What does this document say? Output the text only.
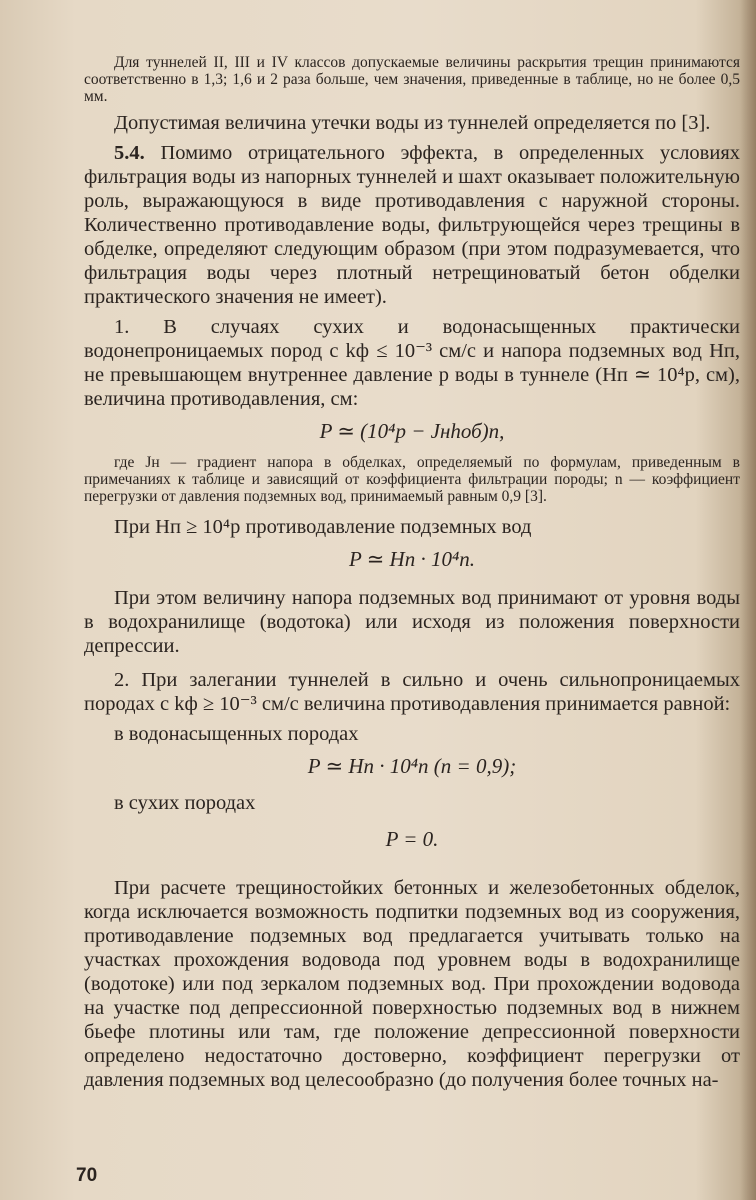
Для туннелей II, III и IV классов допускаемые величины раскрытия трещин принимаются соответственно в 1,3; 1,6 и 2 раза больше, чем значения, приведенные в таблице, но не более 0,5 мм.

Допустимая величина утечки воды из туннелей определяется по [3].

5.4. Помимо отрицательного эффекта, в определенных условиях фильтрация воды из напорных туннелей и шахт оказывает положительную роль, выражающуюся в виде противодавления с наружной стороны. Количественно противодавление воды, фильтрующейся через трещины в обделке, определяют следующим образом (при этом подразумевается, что фильтрация воды через плотный нетрещиноватый бетон обделки практического значения не имеет).

1. В случаях сухих и водонасыщенных практически водонепроницаемых пород с kф ≤ 10⁻³ см/с и напора подземных вод Hп, не превышающем внутреннее давление p воды в туннеле (Hп ≃ 10⁴p, см), величина противодавления, см:

P ≃ (10⁴p − Jнhоб)n,

где Jн — градиент напора в обделках, определяемый по формулам, приведенным в примечаниях к таблице и зависящий от коэффициента фильтрации породы; n — коэффициент перегрузки от давления подземных вод, принимаемый равным 0,9 [3].

При Hп ≥ 10⁴p противодавление подземных вод
P ≃ Hп · 10⁴n.

При этом величину напора подземных вод принимают от уровня воды в водохранилище (водотока) или исходя из положения поверхности депрессии.

2. При залегании туннелей в сильно и очень сильнопроницаемых породах с kф ≥ 10⁻³ см/с величина противодавления принимается равной:

в водонасыщенных породах
P ≃ Hп · 10⁴n (n = 0,9);
в сухих породах
P = 0.

При расчете трещиностойких бетонных и железобетонных обделок, когда исключается возможность подпитки подземных вод из сооружения, противодавление подземных вод предлагается учитывать только на участках прохождения водовода под уровнем воды в водохранилище (водотоке) или под зеркалом подземных вод. При прохождении водовода на участке под депрессионной поверхностью подземных вод в нижнем бьефе плотины или там, где положение депрессионной поверхности определено недостаточно достоверно, коэффициент перегрузки от давления подземных вод целесообразно (до получения более точных на-

70
